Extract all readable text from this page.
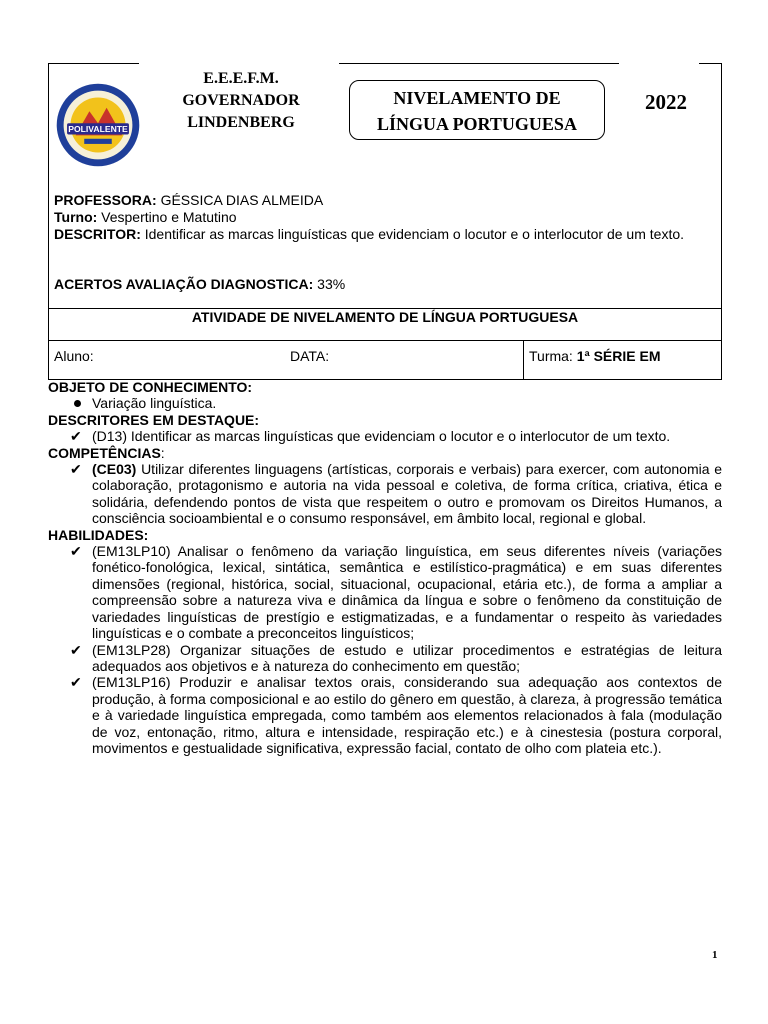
POLIVALENTE
E.E.E.F.M.
GOVERNADOR
LINDENBERG
NIVELAMENTO DE
LÍNGUA PORTUGUESA
2022

PROFESSORA: GÉSSICA DIAS ALMEIDA

Turno: Vespertino e Matutino

DESCRITOR: Identificar as marcas linguísticas que evidenciam o locutor e o interlocutor de um texto.

ACERTOS AVALIAÇÃO DIAGNOSTICA: 33%
ATIVIDADE DE NIVELAMENTO DE LÍNGUA PORTUGUESA
Aluno:	DATA:	Turma: 1ª SÉRIE EM

OBJETO DE CONHECIMENTO:

Variação linguística.

DESCRITORES EM DESTAQUE:

✔ (D13) Identificar as marcas linguísticas que evidenciam o locutor e o interlocutor de um texto.

COMPETÊNCIAS:

✔ (CE03) Utilizar diferentes linguagens (artísticas, corporais e verbais) para exercer, com autonomia e colaboração, protagonismo e autoria na vida pessoal e coletiva, de forma crítica, criativa, ética e solidária, defendendo pontos de vista que respeitem o outro e promovam os Direitos Humanos, a consciência socioambiental e o consumo responsável, em âmbito local, regional e global.

HABILIDADES:

✔ (EM13LP10) Analisar o fenômeno da variação linguística, em seus diferentes níveis (variações fonético-fonológica, lexical, sintática, semântica e estilístico-pragmática) e em suas diferentes dimensões (regional, histórica, social, situacional, ocupacional, etária etc.), de forma a ampliar a compreensão sobre a natureza viva e dinâmica da língua e sobre o fenômeno da constituição de variedades linguísticas de prestígio e estigmatizadas, e a fundamentar o respeito às variedades linguísticas e o combate a preconceitos linguísticos;

✔ (EM13LP28) Organizar situações de estudo e utilizar procedimentos e estratégias de leitura adequados aos objetivos e à natureza do conhecimento em questão;

✔ (EM13LP16) Produzir e analisar textos orais, considerando sua adequação aos contextos de produção, à forma composicional e ao estilo do gênero em questão, à clareza, à progressão temática e à variedade linguística empregada, como também aos elementos relacionados à fala (modulação de voz, entonação, ritmo, altura e intensidade, respiração etc.) e à cinestesia (postura corporal, movimentos e gestualidade significativa, expressão facial, contato de olho com plateia etc.).

1
